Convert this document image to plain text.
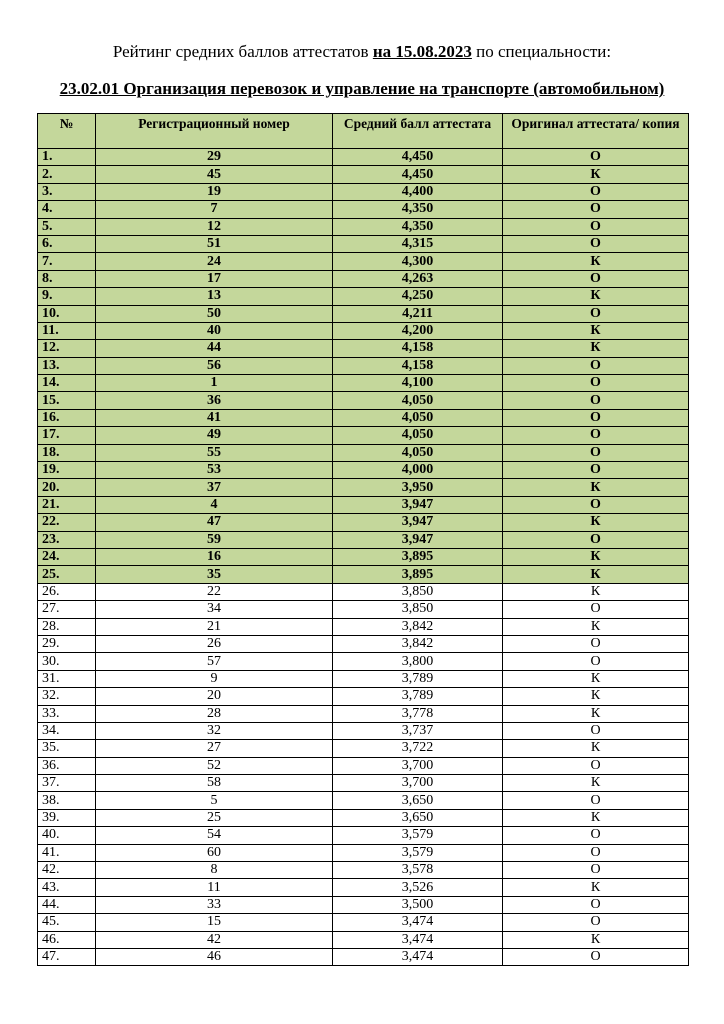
Рейтинг средних баллов аттестатов на 15.08.2023 по специальности:
23.02.01 Организация перевозок и управление на транспорте (автомобильном)
№	Регистрационный номер	Средний балл аттестата	Оригинал аттестата/ копия
1.	29	4,450	О
2.	45	4,450	К
3.	19	4,400	О
4.	7	4,350	О
5.	12	4,350	О
6.	51	4,315	О
7.	24	4,300	К
8.	17	4,263	О
9.	13	4,250	К
10.	50	4,211	О
11.	40	4,200	К
12.	44	4,158	К
13.	56	4,158	О
14.	1	4,100	О
15.	36	4,050	О
16.	41	4,050	О
17.	49	4,050	О
18.	55	4,050	О
19.	53	4,000	О
20.	37	3,950	К
21.	4	3,947	О
22.	47	3,947	К
23.	59	3,947	О
24.	16	3,895	К
25.	35	3,895	К
26.	22	3,850	К
27.	34	3,850	О
28.	21	3,842	К
29.	26	3,842	О
30.	57	3,800	О
31.	9	3,789	К
32.	20	3,789	К
33.	28	3,778	К
34.	32	3,737	О
35.	27	3,722	К
36.	52	3,700	О
37.	58	3,700	К
38.	5	3,650	О
39.	25	3,650	К
40.	54	3,579	О
41.	60	3,579	О
42.	8	3,578	О
43.	11	3,526	К
44.	33	3,500	О
45.	15	3,474	О
46.	42	3,474	К
47.	46	3,474	О
